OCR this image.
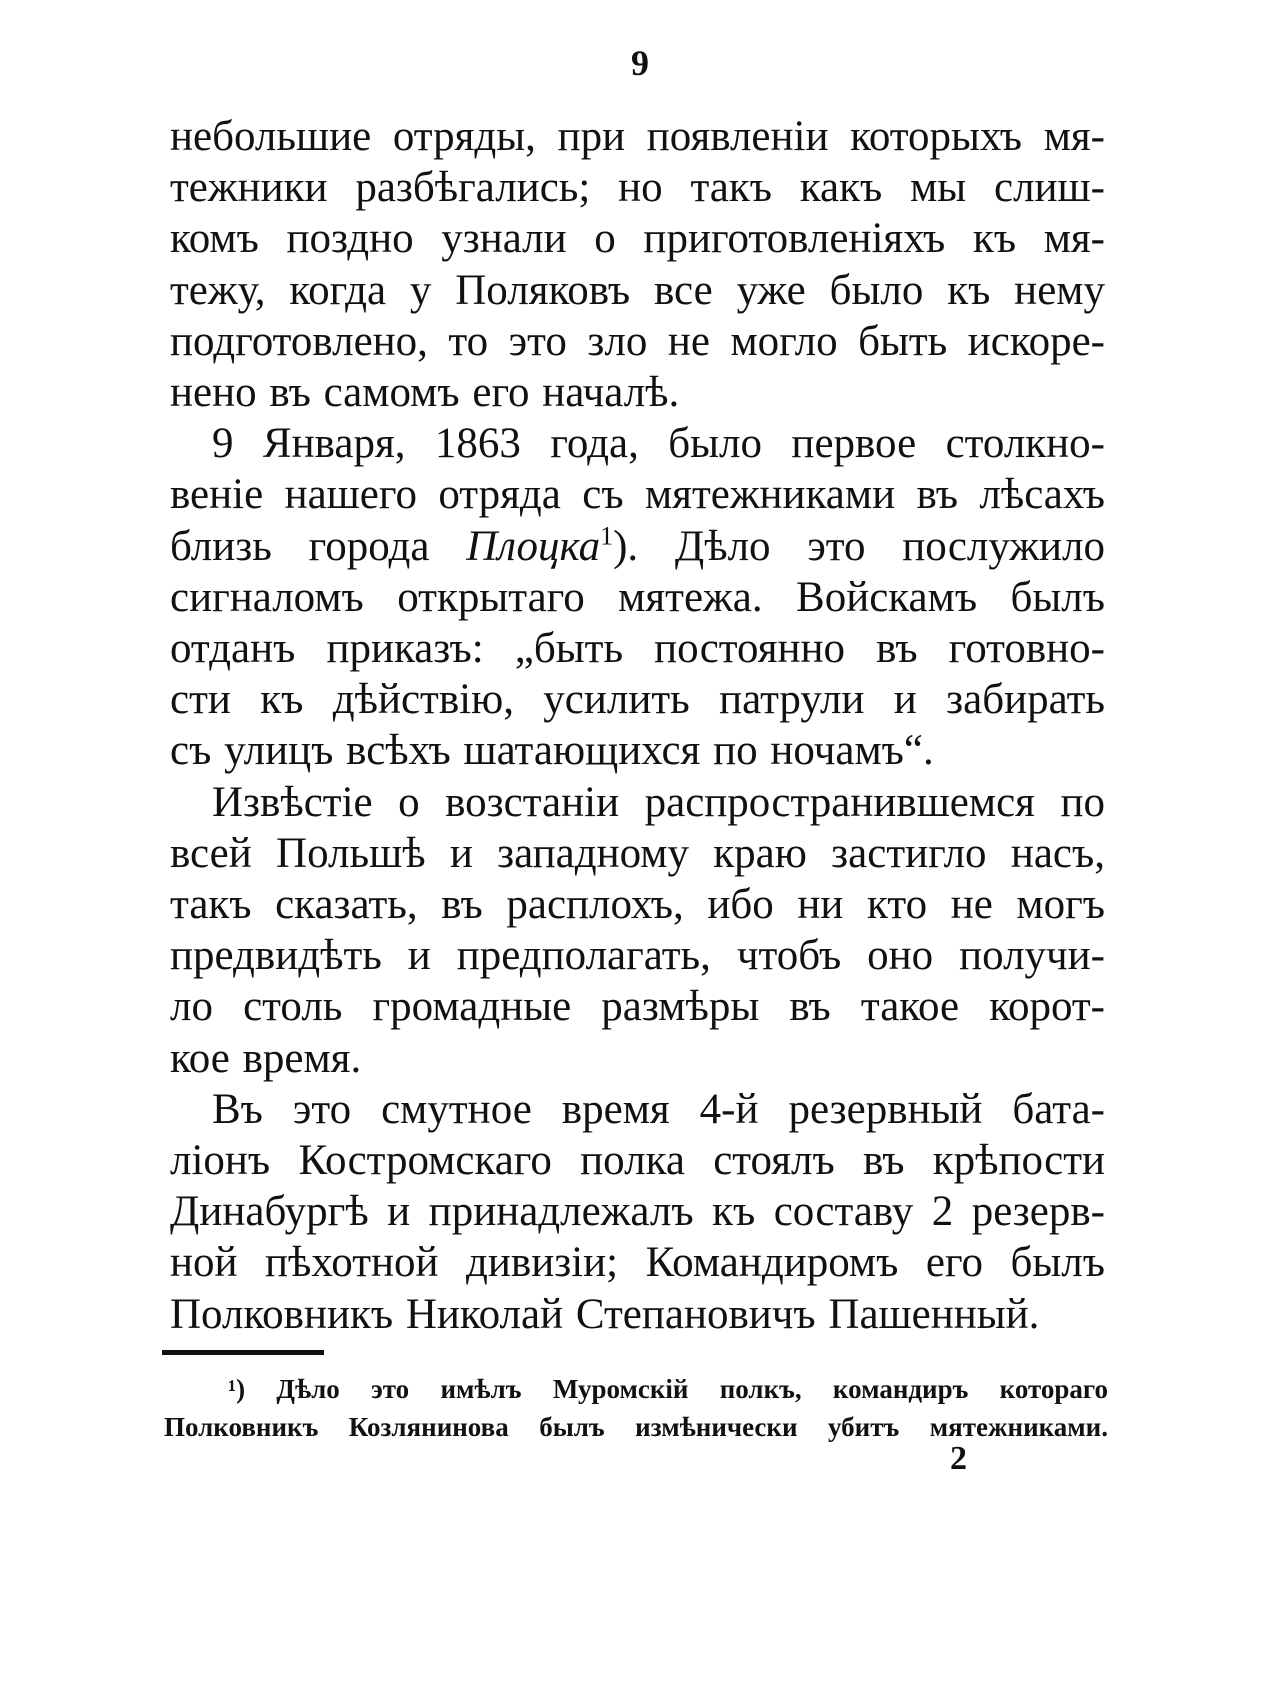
9
небольшие отряды, при появленіи которыхъ мя-
тежники разбѣгались; но такъ какъ мы слиш-
комъ поздно узнали о приготовленіяхъ къ мя-
тежу, когда у Поляковъ все уже было къ нему
подготовлено, то это зло не могло быть искоре-
нено въ самомъ его началѣ.
9 Января, 1863 года, было первое столкно-
веніе нашего отряда съ мятежниками въ лѣсахъ
близь города Плоцка$^1$). Дѣло это послужило
сигналомъ открытаго мятежа. Войскамъ былъ
отданъ приказъ: „быть постоянно въ готовно-
сти къ дѣйствію, усилить патрули и забирать
съ улицъ всѣхъ шатающихся по ночамъ“.
Извѣстіе о возстаніи распространившемся по
всей Польшѣ и западному краю застигло насъ,
такъ сказать, въ расплохъ, ибо ни кто не могъ
предвидѣть и предполагать, чтобъ оно получи-
ло столь громадные размѣры въ такое корот-
кое время.
Въ это смутное время 4-й резервный бата-
ліонъ Костромскаго полка стоялъ въ крѣпости
Динабургѣ и принадлежалъ къ составу 2 резерв-
ной пѣхотной дивизіи; Командиромъ его былъ
Полковникъ Николай Степановичъ Пашенный.
¹) Дѣло это имѣлъ Муромскій полкъ, командиръ котораго
Полковникъ Козлянинова былъ измѣнически убитъ мятежниками.
2
